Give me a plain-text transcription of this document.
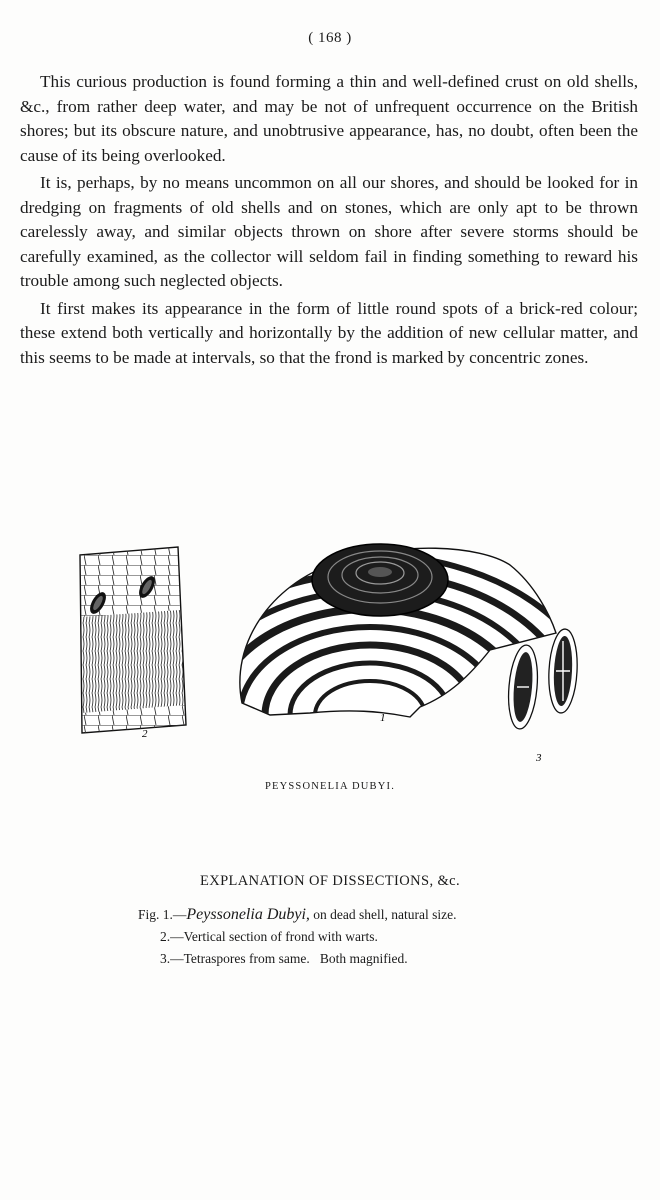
( 168 )

This curious production is found forming a thin and well-defined crust on old shells, &c., from rather deep water, and may be not of unfrequent occurrence on the British shores; but its obscure nature, and unobtrusive appearance, has, no doubt, often been the cause of its being overlooked.

It is, perhaps, by no means uncommon on all our shores, and should be looked for in dredging on fragments of old shells and on stones, which are only apt to be thrown carelessly away, and similar objects thrown on shore after severe storms should be carefully examined, as the collector will seldom fail in finding something to reward his trouble among such neglected objects.

It first makes its appearance in the form of little round spots of a brick-red colour; these extend both vertically and horizontally by the addition of new cellular matter, and this seems to be made at intervals, so that the frond is marked by concentric zones.

2
1
3
PEYSSONELIA DUBYI.
EXPLANATION OF DISSECTIONS, &c.
Fig. 1.—Peyssonelia Dubyi, on dead shell, natural size.
2.—Vertical section of frond with warts.
3.—Tetraspores from same.   Both magnified.
